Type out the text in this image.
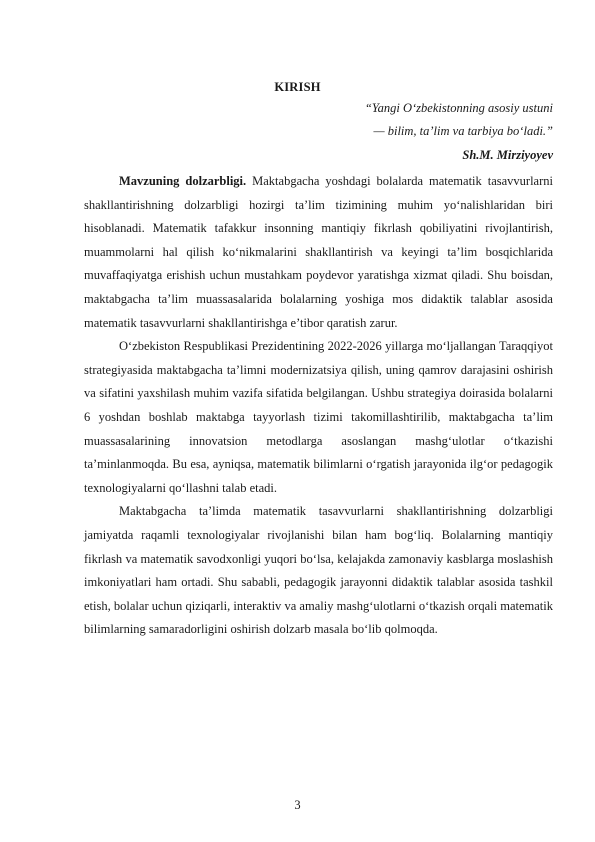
KIRISH
“Yangi O‘zbekistonning asosiy ustuni
— bilim, ta’lim va tarbiya bo‘ladi.”
Sh.M. Mirziyoyev

Mavzuning dolzarbligi. Maktabgacha yoshdagi bolalarda matematik tasavvurlarni shakllantirishning dolzarbligi hozirgi ta’lim tizimining muhim yo‘nalishlaridan biri hisoblanadi. Matematik tafakkur insonning mantiqiy fikrlash qobiliyatini rivojlantirish, muammolarni hal qilish ko‘nikmalarini shakllantirish va keyingi ta’lim bosqichlarida muvaffaqiyatga erishish uchun mustahkam poydevor yaratishga xizmat qiladi. Shu boisdan, maktabgacha ta’lim muassasalarida bolalarning yoshiga mos didaktik talablar asosida matematik tasavvurlarni shakllantirishga e’tibor qaratish zarur.

O‘zbekiston Respublikasi Prezidentining 2022-2026 yillarga mo‘ljallangan Taraqqiyot strategiyasida maktabgacha ta’limni modernizatsiya qilish, uning qamrov darajasini oshirish va sifatini yaxshilash muhim vazifa sifatida belgilangan. Ushbu strategiya doirasida bolalarni 6 yoshdan boshlab maktabga tayyorlash tizimi takomillashtirilib, maktabgacha ta’lim muassasalarining innovatsion metodlarga asoslangan mashg‘ulotlar o‘tkazishi ta’minlanmoqda. Bu esa, ayniqsa, matematik bilimlarni o‘rgatish jarayonida ilg‘or pedagogik texnologiyalarni qo‘llashni talab etadi.

Maktabgacha ta’limda matematik tasavvurlarni shakllantirishning dolzarbligi jamiyatda raqamli texnologiyalar rivojlanishi bilan ham bog‘liq. Bolalarning mantiqiy fikrlash va matematik savodxonligi yuqori bo‘lsa, kelajakda zamonaviy kasblarga moslashish imkoniyatlari ham ortadi. Shu sababli, pedagogik jarayonni didaktik talablar asosida tashkil etish, bolalar uchun qiziqarli, interaktiv va amaliy mashg‘ulotlarni o‘tkazish orqali matematik bilimlarning samaradorligini oshirish dolzarb masala bo‘lib qolmoqda.

3
